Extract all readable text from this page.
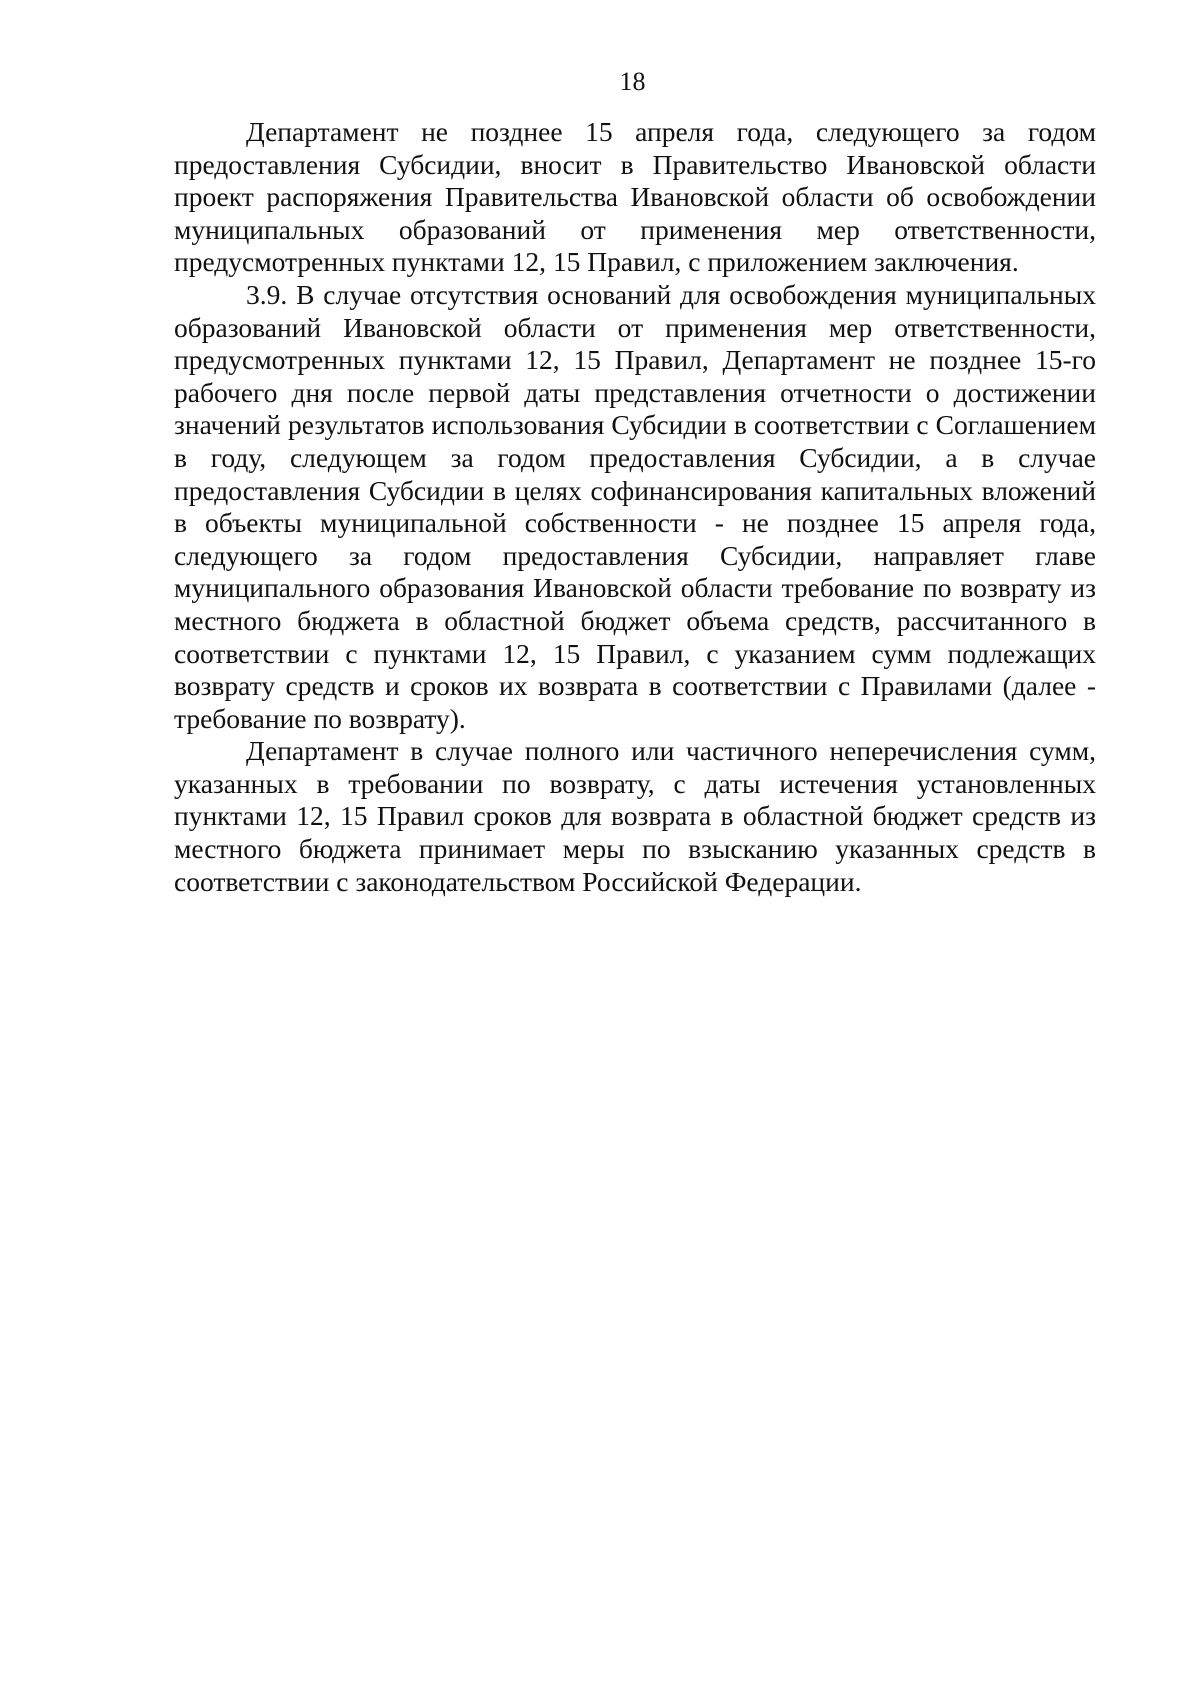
18

Департамент не позднее 15 апреля года, следующего за годом предоставления Субсидии, вносит в Правительство Ивановской области проект распоряжения Правительства Ивановской области об освобождении муниципальных образований от применения мер ответственности, предусмотренных пунктами 12, 15 Правил, с приложением заключения.

3.9. В случае отсутствия оснований для освобождения муниципальных образований Ивановской области от применения мер ответственности, предусмотренных пунктами 12, 15 Правил, Департамент не позднее 15-го рабочего дня после первой даты представления отчетности о достижении значений результатов использования Субсидии в соответствии с Соглашением в году, следующем за годом предоставления Субсидии, а в случае предоставления Субсидии в целях софинансирования капитальных вложений в объекты муниципальной собственности - не позднее 15 апреля года, следующего за годом предоставления Субсидии, направляет главе муниципального образования Ивановской области требование по возврату из местного бюджета в областной бюджет объема средств, рассчитанного в соответствии с пунктами 12, 15 Правил, с указанием сумм подлежащих возврату средств и сроков их возврата в соответствии с Правилами (далее - требование по возврату).

Департамент в случае полного или частичного неперечисления сумм, указанных в требовании по возврату, с даты истечения установленных пунктами 12, 15 Правил сроков для возврата в областной бюджет средств из местного бюджета принимает меры по взысканию указанных средств в соответствии с законодательством Российской Федерации.
